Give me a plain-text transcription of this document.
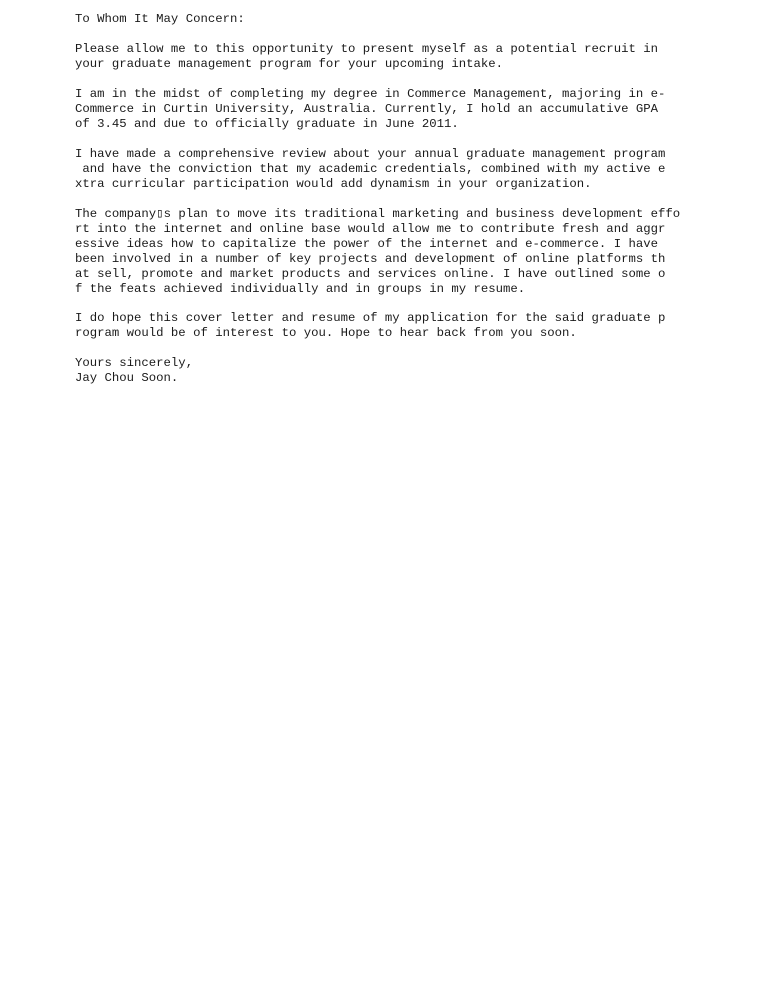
To Whom It May Concern:

Please allow me to this opportunity to present myself as a potential recruit in

your graduate management program for your upcoming intake.

I am in the midst of completing my degree in Commerce Management, majoring in e-

Commerce in Curtin University, Australia. Currently, I hold an accumulative GPA

of 3.45 and due to officially graduate in June 2011.

I have made a comprehensive review about your annual graduate management program

and have the conviction that my academic credentials, combined with my active e

xtra curricular participation would add dynamism in your organization.

The company▯s plan to move its traditional marketing and business development effo

rt into the internet and online base would allow me to contribute fresh and aggr

essive ideas how to capitalize the power of the internet and e-commerce. I have

been involved in a number of key projects and development of online platforms th

at sell, promote and market products and services online. I have outlined some o

f the feats achieved individually and in groups in my resume.

I do hope this cover letter and resume of my application for the said graduate p

rogram would be of interest to you. Hope to hear back from you soon.

Yours sincerely,

Jay Chou Soon.
